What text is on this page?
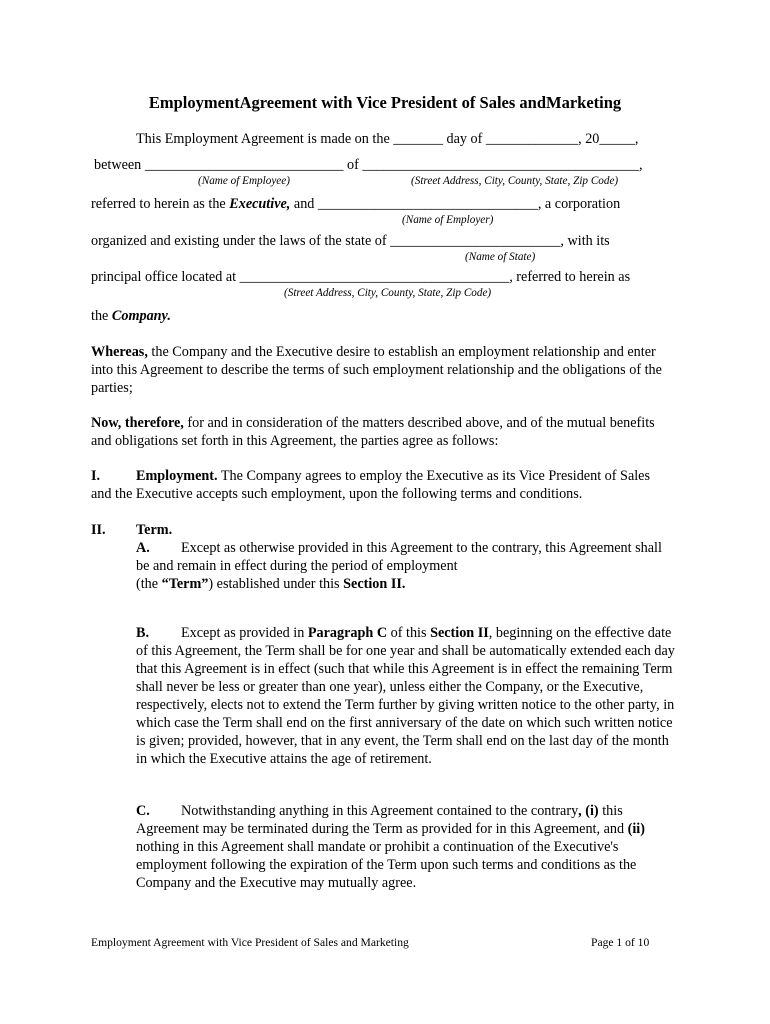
EmploymentAgreement with Vice President of Sales andMarketing
This Employment Agreement is made on the _______ day of _____________, 20_____,
between ____________________________ of _______________________________________,
(Name of Employee)	(Street Address, City, County, State, Zip Code)
referred to herein as the Executive, and _______________________________, a corporation
(Name of Employer)
organized and existing under the laws of the state of ________________________, with its
(Name of State)
principal office located at ______________________________________, referred to herein as
(Street Address, City, County, State, Zip Code)
the Company.

Whereas, the Company and the Executive desire to establish an employment relationship and enter into this Agreement to describe the terms of such employment relationship and the obligations of the parties;

Now, therefore, for and in consideration of the matters described above, and of the mutual benefits and obligations set forth in this Agreement, the parties agree as follows:

I.	Employment. The Company agrees to employ the Executive as its Vice President of Sales and the Executive accepts such employment, upon the following terms and conditions.

II. Term.

A. Except as otherwise provided in this Agreement to the contrary, this Agreement shall be and remain in effect during the period of employment

(the “Term”) established under this Section II.

B. Except as provided in Paragraph C of this Section II, beginning on the effective date of this Agreement, the Term shall be for one year and shall be automatically extended each day that this Agreement is in effect (such that while this Agreement is in effect the remaining Term shall never be less or greater than one year), unless either the Company, or the Executive, respectively, elects not to extend the Term further by giving written notice to the other party, in which case the Term shall end on the first anniversary of the date on which such written notice is given; provided, however, that in any event, the Term shall end on the last day of the month in which the Executive attains the age of retirement.

C. Notwithstanding anything in this Agreement contained to the contrary, (i) this Agreement may be terminated during the Term as provided for in this Agreement, and (ii) nothing in this Agreement shall mandate or prohibit a continuation of the Executive's employment following the expiration of the Term upon such terms and conditions as the Company and the Executive may mutually agree.

Employment Agreement with Vice President of Sales and Marketing	Page 1 of 10
